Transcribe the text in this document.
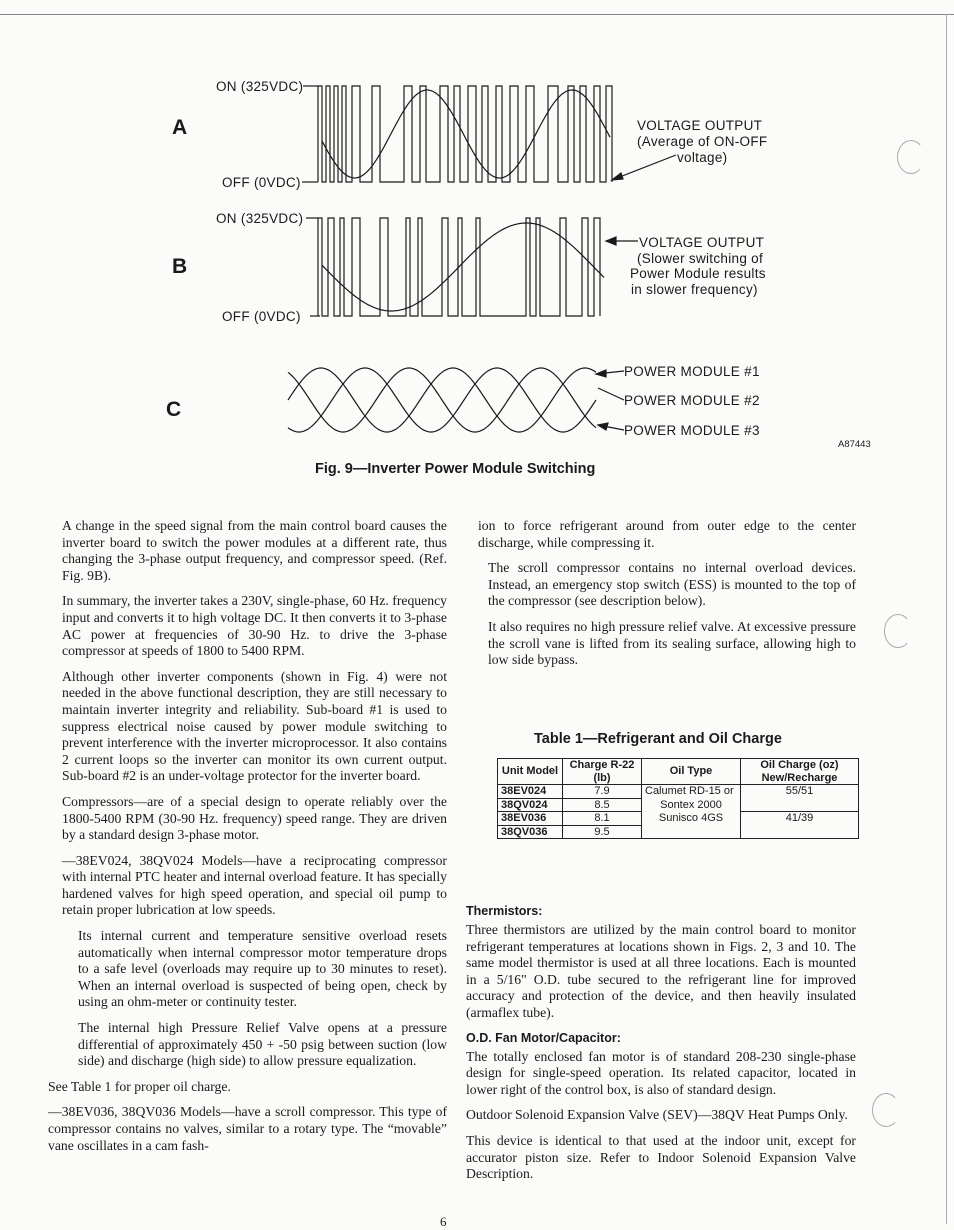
A
ON (325VDC)
OFF (0VDC)
VOLTAGE OUTPUT
(Average of ON-OFF
voltage)
B
ON (325VDC)
OFF (0VDC)
VOLTAGE OUTPUT
(Slower switching of
Power Module results
in slower frequency)
C
POWER MODULE #1
POWER MODULE #2
POWER MODULE #3
A87443
Fig. 9—Inverter Power Module Switching

A change in the speed signal from the main control board causes the inverter board to switch the power modules at a different rate, thus changing the 3-phase output frequency, and compressor speed. (Ref. Fig. 9B).

In summary, the inverter takes a 230V, single-phase, 60 Hz. frequency input and converts it to high voltage DC. It then converts it to 3-phase AC power at frequencies of 30-90 Hz. to drive the 3-phase compressor at speeds of 1800 to 5400 RPM.

Although other inverter components (shown in Fig. 4) were not needed in the above functional description, they are still necessary to maintain inverter integrity and reliability. Sub-board #1 is used to suppress electrical noise caused by power module switching to prevent interference with the inverter microprocessor. It also contains 2 current loops so the inverter can monitor its own current output. Sub-board #2 is an under-voltage protector for the inverter board.

Compressors—are of a special design to operate reliably over the 1800-5400 RPM (30-90 Hz. frequency) speed range. They are driven by a standard design 3-phase motor.

—38EV024, 38QV024 Models—have a reciprocating compressor with internal PTC heater and internal overload feature. It has specially hardened valves for high speed operation, and special oil pump to retain proper lubrication at low speeds.

Its internal current and temperature sensitive overload resets automatically when internal compressor motor temperature drops to a safe level (overloads may require up to 30 minutes to reset). When an internal overload is suspected of being open, check by using an ohm-meter or continuity tester.

The internal high Pressure Relief Valve opens at a pressure differential of approximately 450 + -50 psig between suction (low side) and discharge (high side) to allow pressure equalization.

See Table 1 for proper oil charge.

—38EV036, 38QV036 Models—have a scroll compressor. This type of compressor contains no valves, similar to a rotary type. The “movable” vane oscillates in a cam fash-

ion to force refrigerant around from outer edge to the center discharge, while compressing it.

The scroll compressor contains no internal overload devices. Instead, an emergency stop switch (ESS) is mounted to the top of the compressor (see description below).

It also requires no high pressure relief valve. At excessive pressure the scroll vane is lifted from its sealing surface, allowing high to low side bypass.

Table 1—Refrigerant and Oil Charge
Unit Model	Charge R-22 (lb)	Oil Type	Oil Charge (oz) New/Recharge
38EV024	7.9	Calumet RD-15 or	55/51
38QV024	8.5	Sontex 2000	
38EV036	8.1	Sunisco 4GS	41/39
38QV036	9.5		
Thermistors:

Three thermistors are utilized by the main control board to monitor refrigerant temperatures at locations shown in Figs. 2, 3 and 10. The same model thermistor is used at all three locations. Each is mounted in a 5/16" O.D. tube secured to the refrigerant line for improved accuracy and protection of the device, and then heavily insulated (armaflex tube).

O.D. Fan Motor/Capacitor:

The totally enclosed fan motor is of standard 208-230 single-phase design for single-speed operation. Its related capacitor, located in lower right of the control box, is also of standard design.

Outdoor Solenoid Expansion Valve (SEV)—38QV Heat Pumps Only.

This device is identical to that used at the indoor unit, except for accurator piston size. Refer to Indoor Solenoid Expansion Valve Description.

6
